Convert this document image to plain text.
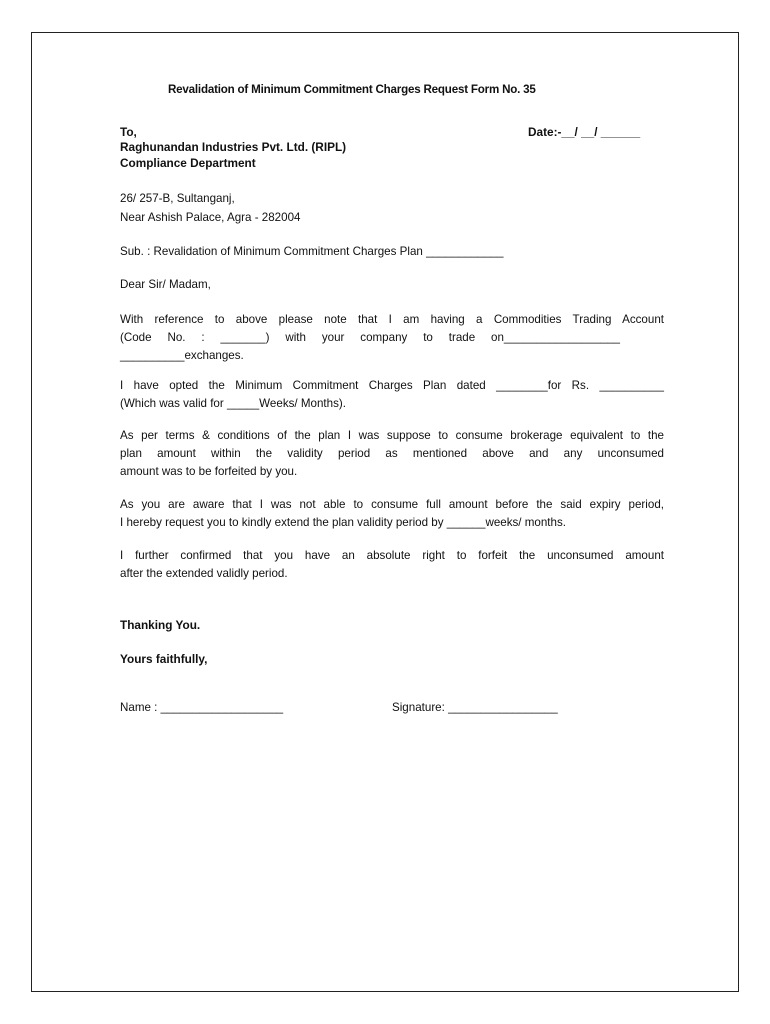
Revalidation of Minimum Commitment Charges Request Form No. 35
To,	Date:-__/ __/ ______
Raghunandan Industries Pvt. Ltd. (RIPL)
Compliance Department
26/ 257-B, Sultanganj,
Near Ashish Palace, Agra - 282004
Sub. : Revalidation of Minimum Commitment Charges Plan ____________
Dear Sir/ Madam,
With reference to above please note that I am having a Commodities Trading Account
(Code No. : _______) with your company to trade on__________________
__________exchanges.
I have opted the Minimum Commitment Charges Plan dated ________for Rs. __________
(Which was valid for _____Weeks/ Months).
As per terms & conditions of the plan I was suppose to consume brokerage equivalent to the
plan amount within the validity period as mentioned above and any unconsumed
amount was to be forfeited by you.
As you are aware that I was not able to consume full amount before the said expiry period,
I hereby request you to kindly extend the plan validity period by ______weeks/ months.
I further confirmed that you have an absolute right to forfeit the unconsumed amount
after the extended validly period.
Thanking You.
Yours faithfully,
Name : ___________________	Signature: _________________
